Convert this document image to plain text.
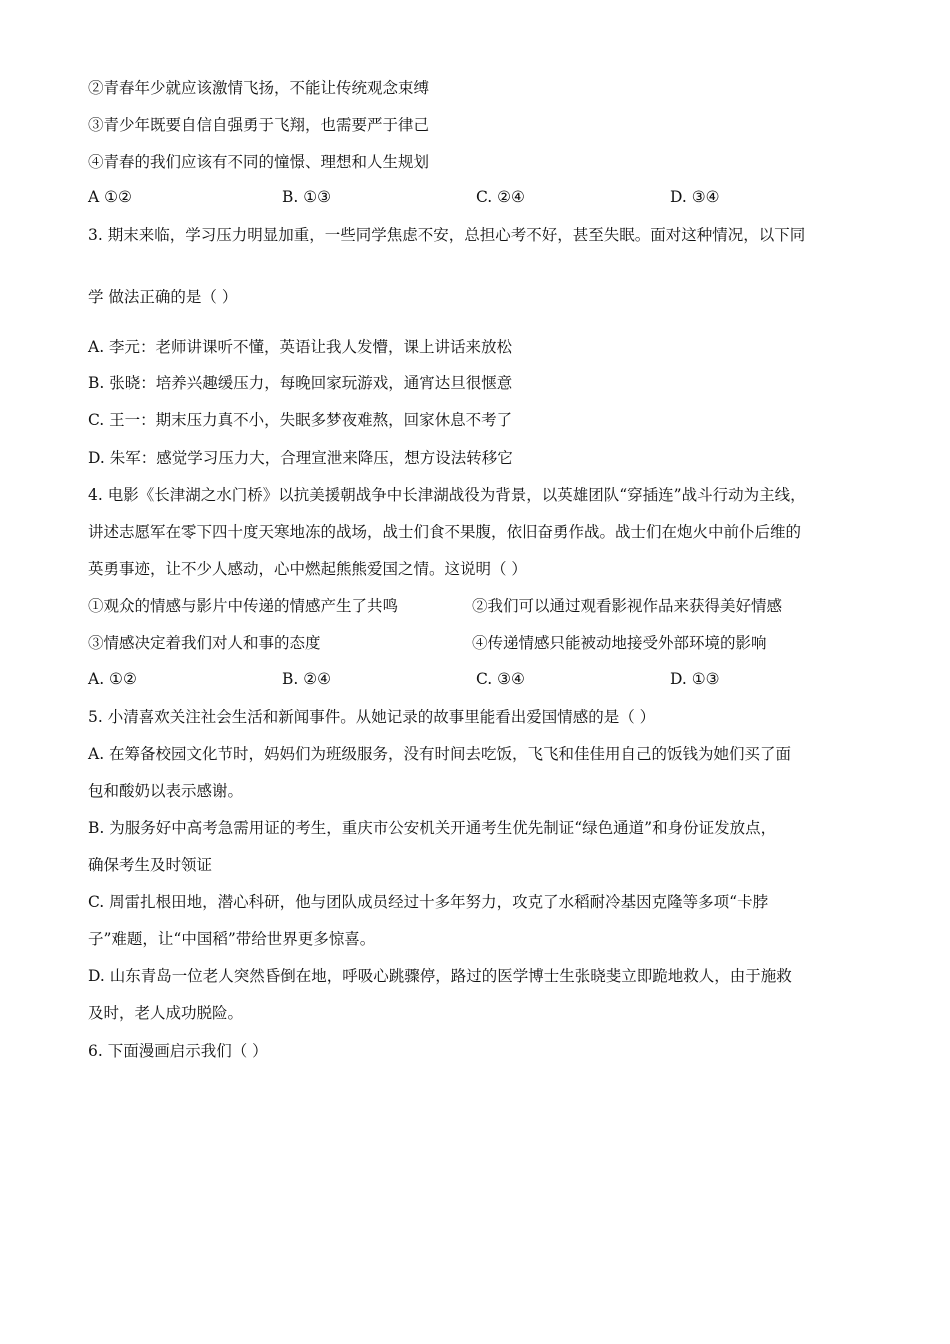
②青春年少就应该激情飞扬，不能让传统观念束缚
③青少年既要自信自强勇于飞翔，也需要严于律己
④青春的我们应该有不同的憧憬、理想和人生规划
A ①②	B. ①③	C. ②④	D. ③④
3. 期末来临，学习压力明显加重，一些同学焦虑不安，总担心考不好，甚至失眠。面对这种情况，以下同
学 做法正确的是（ ）
A. 李元：老师讲课听不懂，英语让我人发懵，课上讲话来放松
B. 张晓：培养兴趣缓压力，每晚回家玩游戏，通宵达旦很惬意
C. 王一：期末压力真不小，失眠多梦夜难熬，回家休息不考了
D. 朱军：感觉学习压力大，合理宣泄来降压，想方设法转移它
4. 电影《长津湖之水门桥》以抗美援朝战争中长津湖战役为背景，以英雄团队“穿插连”战斗行动为主线，
讲述志愿军在零下四十度天寒地冻的战场，战士们食不果腹，依旧奋勇作战。战士们在炮火中前仆后维的
英勇事迹，让不少人感动，心中燃起熊熊爱国之情。这说明（ ）
①观众的情感与影片中传递的情感产生了共鸣	②我们可以通过观看影视作品来获得美好情感
③情感决定着我们对人和事的态度	④传递情感只能被动地接受外部环境的影响
A. ①②	B. ②④	C. ③④	D. ①③
5. 小清喜欢关注社会生活和新闻事件。从她记录的故事里能看出爱国情感的是（ ）
A. 在筹备校园文化节时，妈妈们为班级服务，没有时间去吃饭，飞飞和佳佳用自己的饭钱为她们买了面
包和酸奶以表示感谢。
B. 为服务好中高考急需用证的考生，重庆市公安机关开通考生优先制证“绿色通道”和身份证发放点，
确保考生及时领证
C. 周雷扎根田地，潜心科研，他与团队成员经过十多年努力，攻克了水稻耐冷基因克隆等多项“卡脖
子”难题，让“中国稻”带给世界更多惊喜。
D. 山东青岛一位老人突然昏倒在地，呼吸心跳骤停，路过的医学博士生张晓斐立即跪地救人，由于施救
及时，老人成功脱险。
6. 下面漫画启示我们（ ）
